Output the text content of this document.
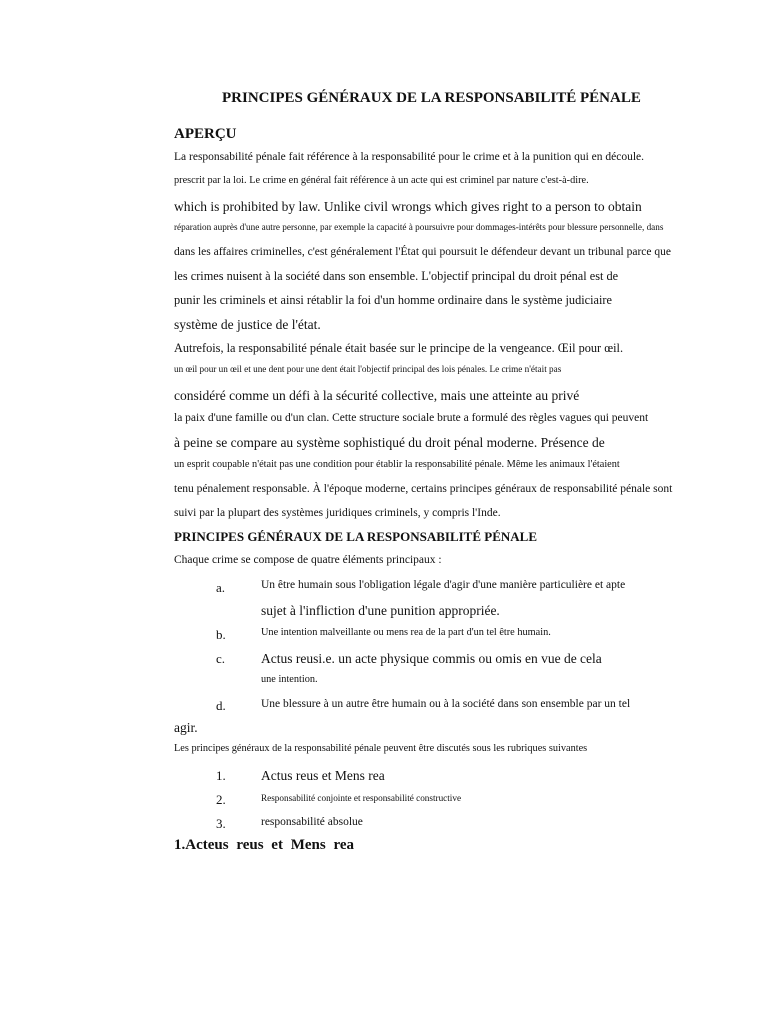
PRINCIPES GÉNÉRAUX DE LA RESPONSABILITÉ PÉNALE
APERÇU
La responsabilité pénale fait référence à la responsabilité pour le crime et à la punition qui en découle.
prescrit par la loi. Le crime en général fait référence à un acte qui est criminel par nature c'est-à-dire.
which is prohibited by law. Unlike civil wrongs which gives right to a person to obtain
réparation auprès d'une autre personne, par exemple la capacité à poursuivre pour dommages-intérêts pour blessure personnelle, dans
dans les affaires criminelles, c'est généralement l'État qui poursuit le défendeur devant un tribunal parce que
les crimes nuisent à la société dans son ensemble. L'objectif principal du droit pénal est de
punir les criminels et ainsi rétablir la foi d'un homme ordinaire dans le système judiciaire
système de justice de l'état.
Autrefois, la responsabilité pénale était basée sur le principe de la vengeance. Œil pour œil.
un œil pour un œil et une dent pour une dent était l'objectif principal des lois pénales. Le crime n'était pas
considéré comme un défi à la sécurité collective, mais une atteinte au privé
la paix d'une famille ou d'un clan. Cette structure sociale brute a formulé des règles vagues qui peuvent
à peine se compare au système sophistiqué du droit pénal moderne. Présence de
un esprit coupable n'était pas une condition pour établir la responsabilité pénale. Même les animaux l'étaient
tenu pénalement responsable. À l'époque moderne, certains principes généraux de responsabilité pénale sont
suivi par la plupart des systèmes juridiques criminels, y compris l'Inde.
PRINCIPES GÉNÉRAUX DE LA RESPONSABILITÉ PÉNALE
Chaque crime se compose de quatre éléments principaux :
a.	Un être humain sous l'obligation légale d'agir d'une manière particulière et apte
sujet à l'infliction d'une punition appropriée.
b.	Une intention malveillante ou mens rea de la part d'un tel être humain.
c.	Actus reusi.e. un acte physique commis ou omis en vue de cela
une intention.
d.	Une blessure à un autre être humain ou à la société dans son ensemble par un tel
agir.
Les principes généraux de la responsabilité pénale peuvent être discutés sous les rubriques suivantes
1.	Actus reus et Mens rea
2.	Responsabilité conjointe et responsabilité constructive
3.	responsabilité absolue
1.Acteus reus et Mens rea
